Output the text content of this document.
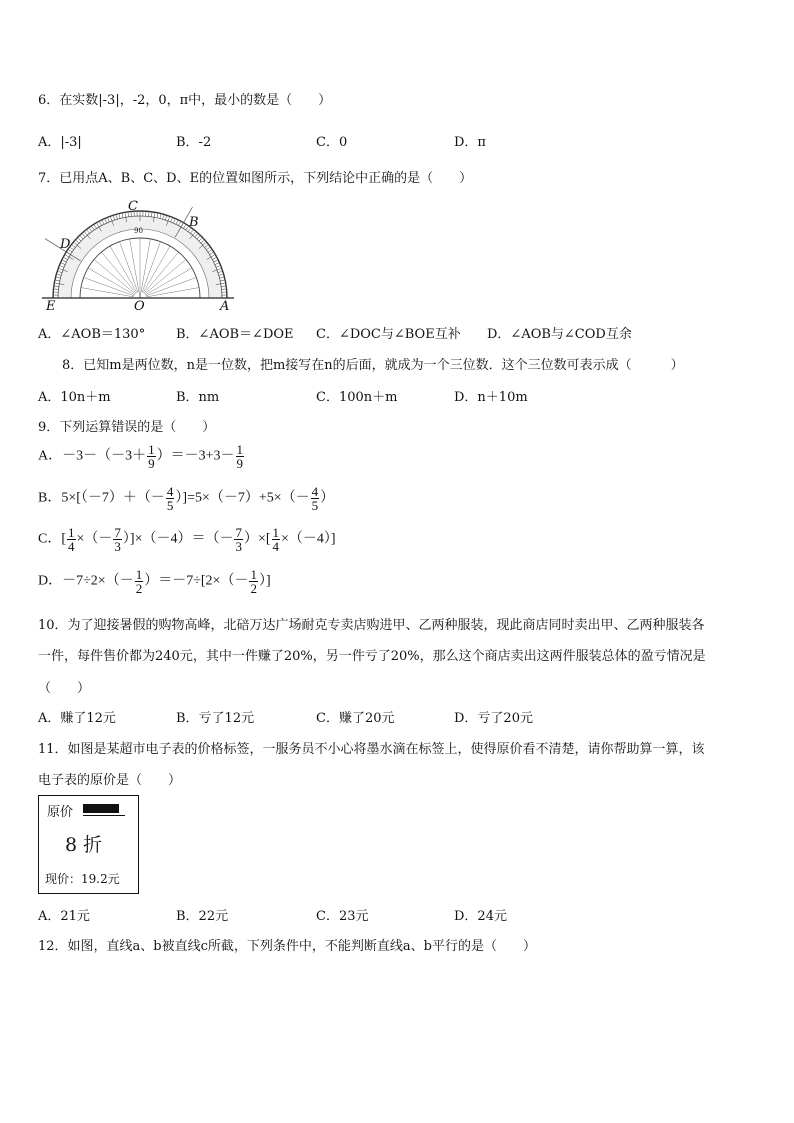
6．在实数|-3|，-2，0，π中，最小的数是（　　）
A．|-3|	B．-2	C．0	D．π
7．已用点A、B、C、D、E的位置如图所示，下列结论中正确的是（　　）
C
B
D
E	O	A
90
A．∠AOB＝130° B．∠AOB＝∠DOE C．∠DOC与∠BOE互补 D．∠AOB与∠COD互余
8．已知m是两位数，n是一位数，把m接写在n的后面，就成为一个三位数．这个三位数可表示成（　　　）
A．10n＋m	B．nm	C．100n＋m	D．n＋10m
9．下列运算错误的是（　　）
A．$-3-(-3+ \frac{1}{9} )=-3+3- \frac{1}{9}$
B．$5\times[(-7)+(- \frac{4}{5} )]=5\times(-7)+5\times(- \frac{4}{5}$ ）
C．[ $\frac{1}{4}$ ×（－ $\frac{7}{3} )]\times(-4)=(- \frac{7}{3}$ ）×[ $\frac{1}{4} \times(-4)$]
D．$-7\div 2\times(- \frac{1}{2} )=-7\div[2\times(- \frac{1}{2}$ ）]
10．为了迎接暑假的购物高峰，北碚万达广场耐克专卖店购进甲、乙两种服装，现此商店同时卖出甲、乙两种服装各
一件，每件售价都为240元，其中一件赚了20%，另一件亏了20%，那么这个商店卖出这两件服装总体的盈亏情况是
（　　）
A．赚了12元	B．亏了12元	C．赚了20元	D．亏了20元
11．如图是某超市电子表的价格标签，一服务员不小心将墨水滴在标签上，使得原价看不清楚，请你帮助算一算，该
电子表的原价是（　　）
原价
8 折
现价：19.2元
A．21元	B．22元	C．23元	D．24元
12．如图，直线a、b被直线c所截，下列条件中，不能判断直线a、b平行的是（　　）
